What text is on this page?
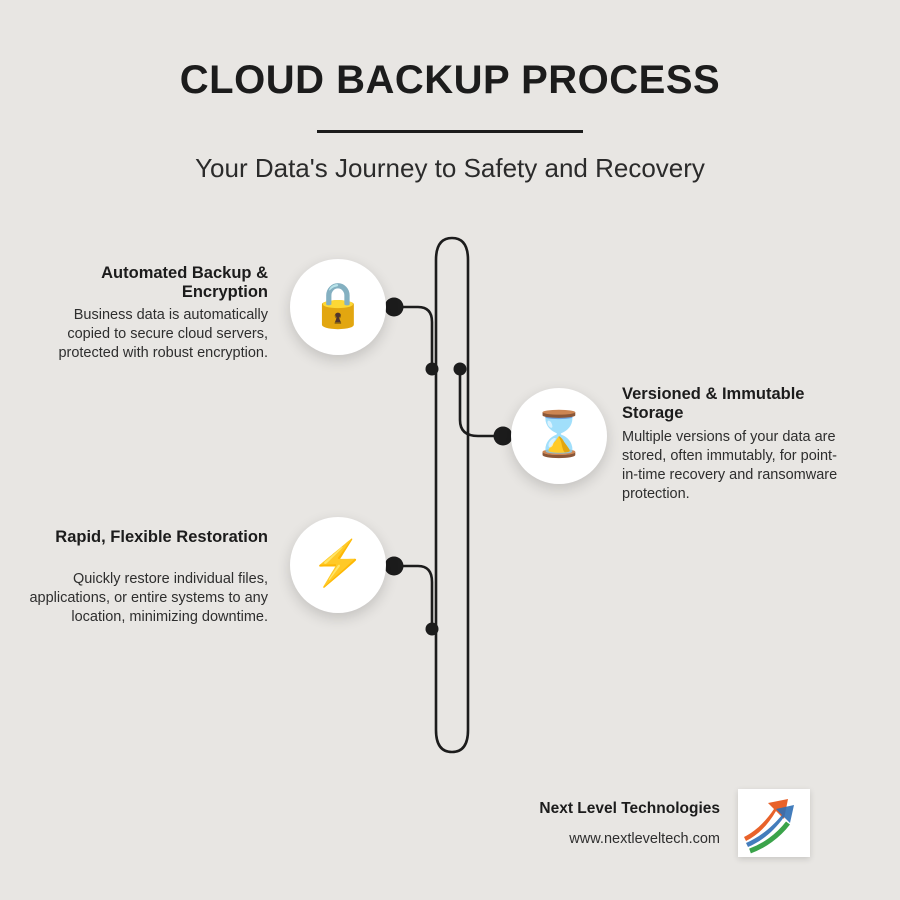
CLOUD BACKUP PROCESS
Your Data's Journey to Safety and Recovery
🔒
Automated Backup & Encryption
Business data is automatically copied to secure cloud servers, protected with robust encryption.
⌛
Versioned & Immutable Storage
Multiple versions of your data are stored, often immutably, for point-in-time recovery and ransomware protection.
⚡
Rapid, Flexible Restoration
Quickly restore individual files, applications, or entire systems to any location, minimizing downtime.
Next Level Technologies
www.nextleveltech.com
